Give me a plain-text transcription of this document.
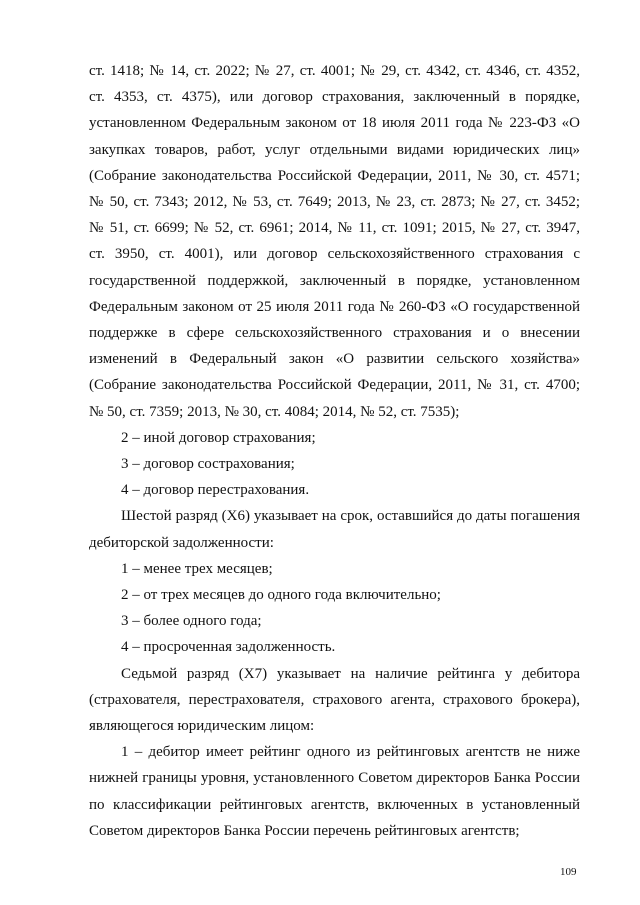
ст. 1418; № 14, ст. 2022; № 27, ст. 4001; № 29, ст. 4342, ст. 4346, ст. 4352,
ст. 4353, ст. 4375), или договор страхования, заключенный в порядке,
установленном Федеральным законом от 18 июля 2011 года № 223-ФЗ «О
закупках товаров, работ, услуг отдельными видами юридических лиц»
(Собрание законодательства Российской Федерации, 2011, № 30, ст. 4571;
№ 50, ст. 7343; 2012, № 53, ст. 7649; 2013, № 23, ст. 2873; № 27, ст. 3452;
№ 51, ст. 6699; № 52, ст. 6961; 2014, № 11, ст. 1091; 2015, № 27, ст. 3947,
ст. 3950, ст. 4001), или договор сельскохозяйственного страхования с
государственной поддержкой, заключенный в порядке, установленном
Федеральным законом от 25 июля 2011 года № 260-ФЗ «О государственной
поддержке в сфере сельскохозяйственного страхования и о внесении
изменений в Федеральный закон «О развитии сельского хозяйства»
(Собрание законодательства Российской Федерации, 2011, № 31, ст. 4700;
№ 50, ст. 7359; 2013, № 30, ст. 4084; 2014, № 52, ст. 7535);
2 – иной договор страхования;
3 – договор сострахования;
4 – договор перестрахования.
Шестой разряд (X6) указывает на срок, оставшийся до даты погашения
дебиторской задолженности:
1 – менее трех месяцев;
2 – от трех месяцев до одного года включительно;
3 – более одного года;
4 – просроченная задолженность.
Седьмой разряд (X7) указывает на наличие рейтинга у дебитора
(страхователя, перестрахователя, страхового агента, страхового брокера),
являющегося юридическим лицом:
1 – дебитор имеет рейтинг одного из рейтинговых агентств не ниже
нижней границы уровня, установленного Советом директоров Банка России
по классификации рейтинговых агентств, включенных в установленный
Советом директоров Банка России перечень рейтинговых агентств;
109
